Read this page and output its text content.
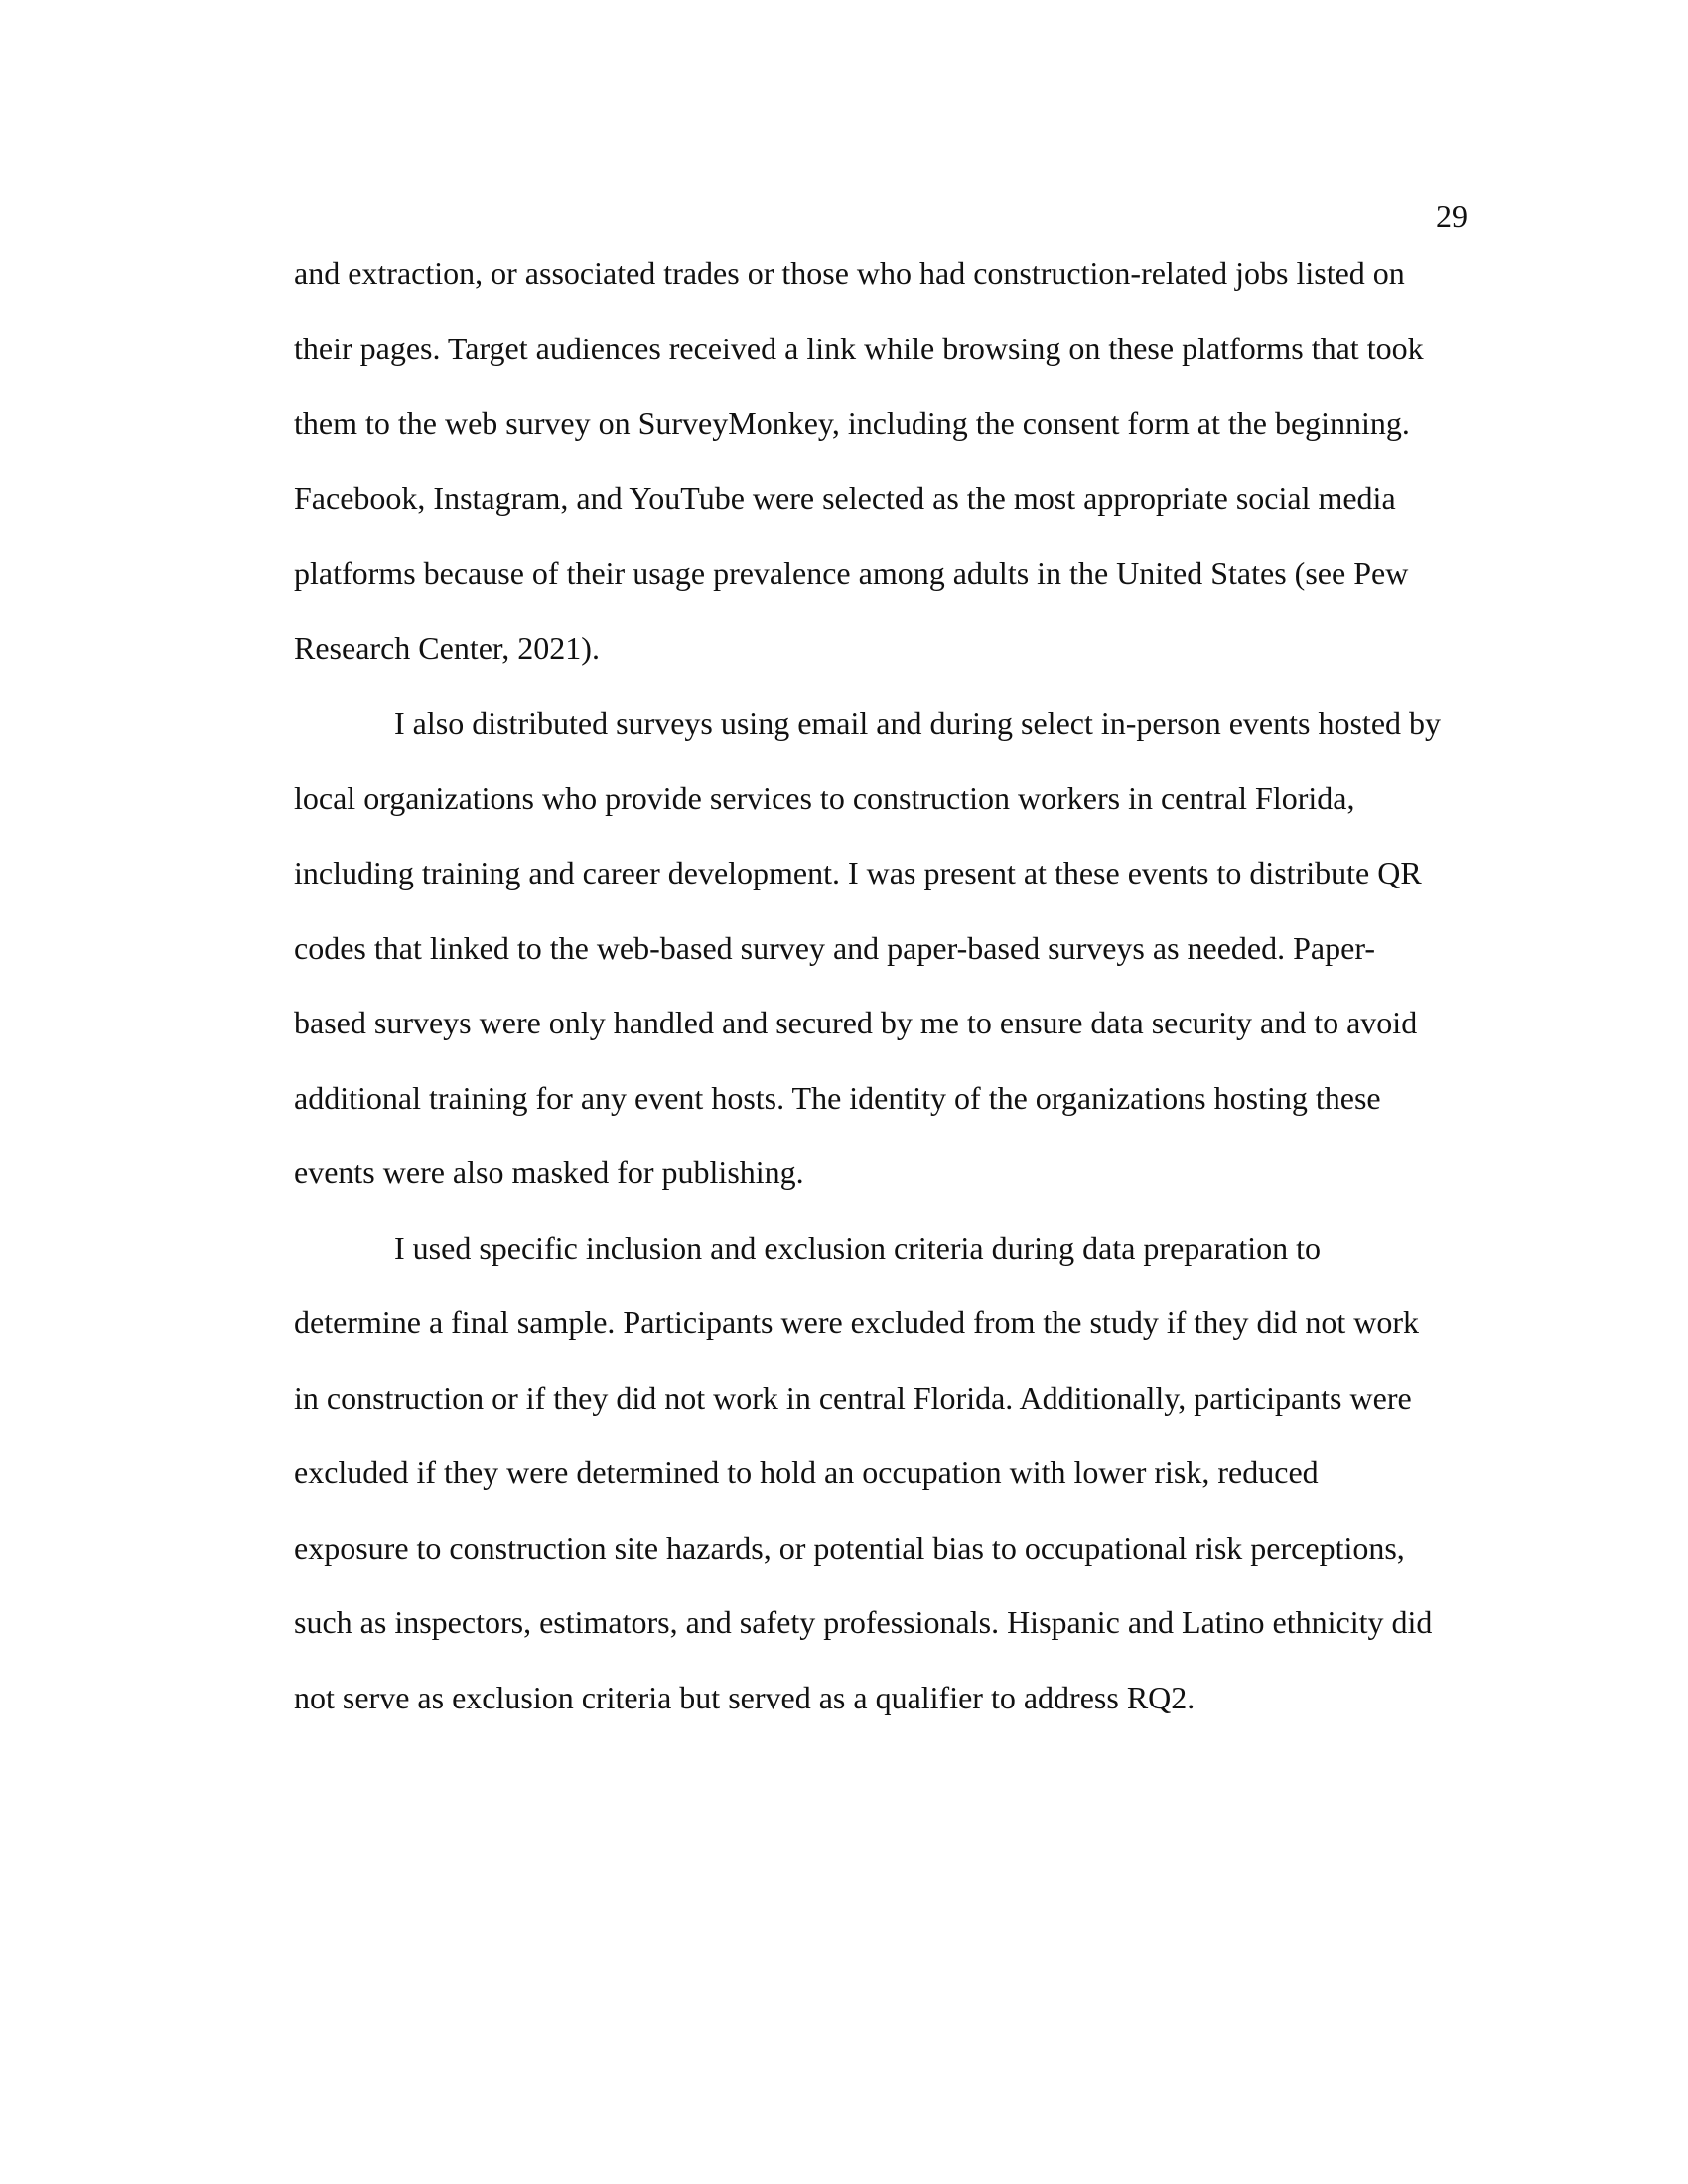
29
and extraction, or associated trades or those who had construction-related jobs listed on
their pages. Target audiences received a link while browsing on these platforms that took
them to the web survey on SurveyMonkey, including the consent form at the beginning.
Facebook, Instagram, and YouTube were selected as the most appropriate social media
platforms because of their usage prevalence among adults in the United States (see Pew
Research Center, 2021).
I also distributed surveys using email and during select in-person events hosted by
local organizations who provide services to construction workers in central Florida,
including training and career development. I was present at these events to distribute QR
codes that linked to the web-based survey and paper-based surveys as needed. Paper-
based surveys were only handled and secured by me to ensure data security and to avoid
additional training for any event hosts. The identity of the organizations hosting these
events were also masked for publishing.
I used specific inclusion and exclusion criteria during data preparation to
determine a final sample. Participants were excluded from the study if they did not work
in construction or if they did not work in central Florida. Additionally, participants were
excluded if they were determined to hold an occupation with lower risk, reduced
exposure to construction site hazards, or potential bias to occupational risk perceptions,
such as inspectors, estimators, and safety professionals. Hispanic and Latino ethnicity did
not serve as exclusion criteria but served as a qualifier to address RQ2.
